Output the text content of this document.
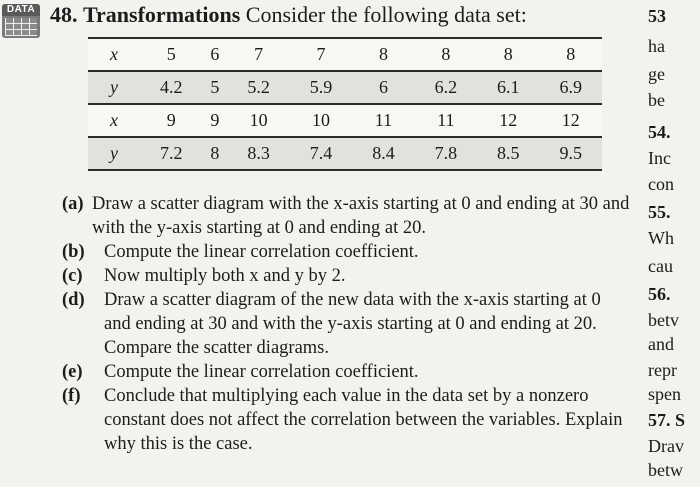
DATA 48. Transformations Consider the following data set:
x	5	6	7	7	8	8	8	8
y	4.2	5	5.2	5.9	6	6.2	6.1	6.9
x	9	9	10	10	11	11	12	12
y	7.2	8	8.3	7.4	8.4	7.8	8.5	9.5
(a) Draw a scatter diagram with the x-axis starting at 0 and ending at 30 and with the y-axis starting at 0 and ending at 20.
(b) Compute the linear correlation coefficient.
(c) Now multiply both x and y by 2.
(d) Draw a scatter diagram of the new data with the x-axis starting at 0 and ending at 30 and with the y-axis starting at 0 and ending at 20. Compare the scatter diagrams.
(e) Compute the linear correlation coefficient.
(f) Conclude that multiplying each value in the data set by a nonzero constant does not affect the correlation between the variables. Explain why this is the case.
53
ha
ge
be
54.
Inc
con
55.
Wh
cau
56.
betv
and
repr
spen
57. S
Drav
betw
